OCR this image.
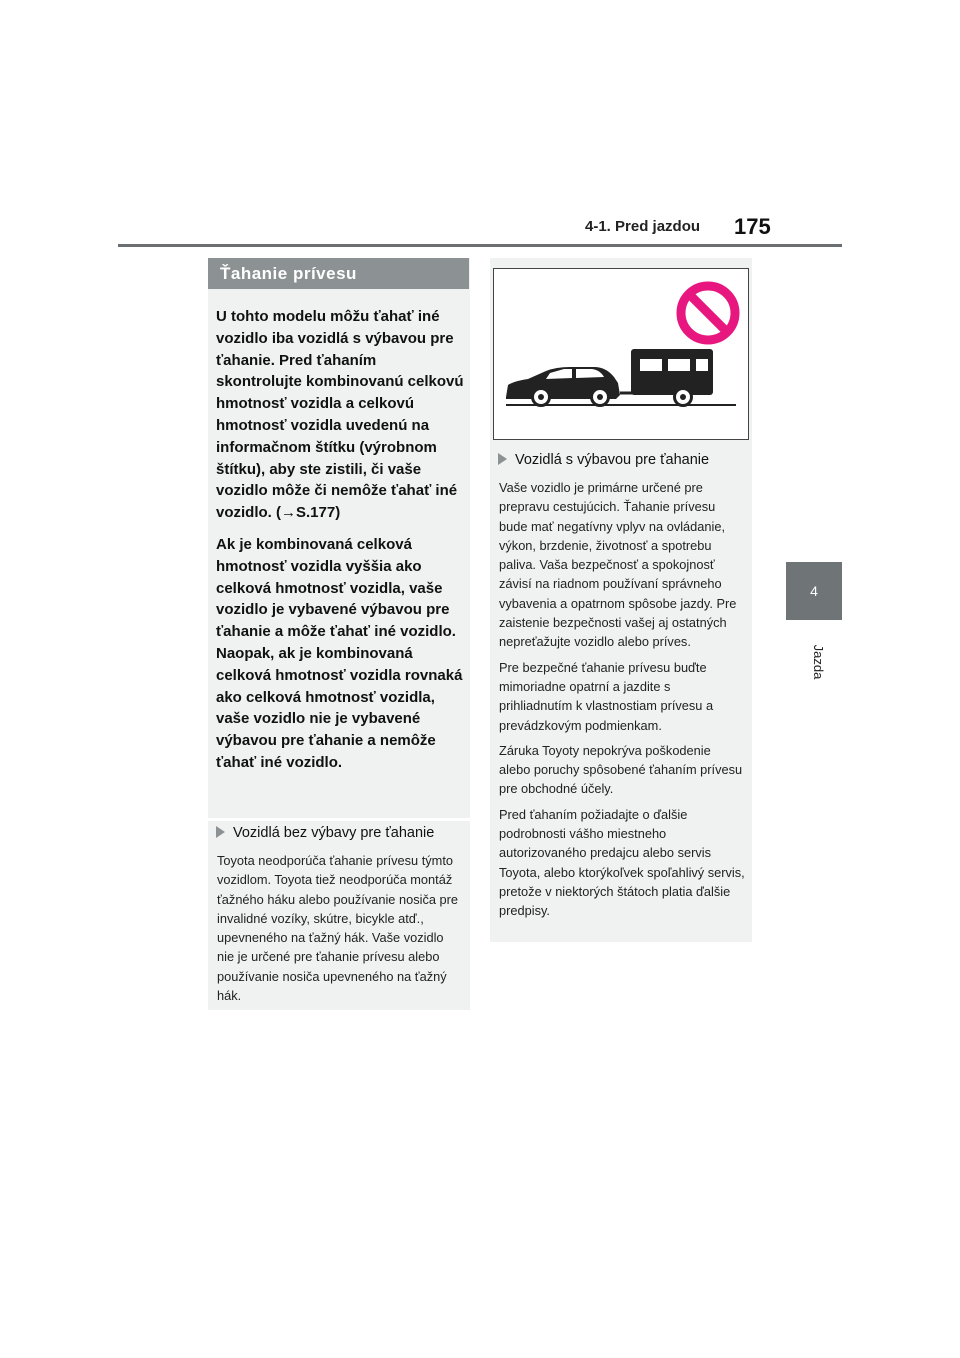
4-1. Pred jazdou 175
4
Jazda
Ťahanie prívesu

U tohto modelu môžu ťahať iné vozidlo iba vozidlá s výbavou pre ťahanie. Pred ťahaním skontrolujte kombinovanú celkovú hmotnosť vozidla a celkovú hmotnosť vozidla uvedenú na informačnom štítku (výrobnom štítku), aby ste zistili, či vaše vozidlo môže či nemôže ťahať iné vozidlo. (→S.177)

Ak je kombinovaná celková hmotnosť vozidla vyššia ako celková hmotnosť vozidla, vaše vozidlo je vybavené výbavou pre ťahanie a môže ťahať iné vozidlo. Naopak, ak je kombinovaná celková hmotnosť vozidla rovnaká ako celková hmotnosť vozidla, vaše vozidlo nie je vybavené výbavou pre ťahanie a nemôže ťahať iné vozidlo.

Vozidlá bez výbavy pre ťahanie

Toyota neodporúča ťahanie prívesu týmto vozidlom. Toyota tiež neodporúča montáž ťažného háku alebo používanie nosiča pre invalidné vozíky, skútre, bicykle atď., upevneného na ťažný hák. Vaše vozidlo nie je určené pre ťahanie prívesu alebo používanie nosiča upevneného na ťažný hák.

Vozidlá s výbavou pre ťahanie

Vaše vozidlo je primárne určené pre prepravu cestujúcich. Ťahanie prívesu bude mať negatívny vplyv na ovládanie, výkon, brzdenie, životnosť a spotrebu paliva. Vaša bezpečnosť a spokojnosť závisí na riadnom používaní správneho vybavenia a opatrnom spôsobe jazdy. Pre zaistenie bezpečnosti vašej aj ostatných nepreťažujte vozidlo alebo príves.

Pre bezpečné ťahanie prívesu buďte mimoriadne opatrní a jazdite s prihliadnutím k vlastnostiam prívesu a prevádzkovým podmienkam.

Záruka Toyoty nepokrýva poškodenie alebo poruchy spôsobené ťahaním prívesu pre obchodné účely.

Pred ťahaním požiadajte o ďalšie podrobnosti vášho miestneho autorizovaného predajcu alebo servis Toyota, alebo ktorýkoľvek spoľahlivý servis, pretože v niektorých štátoch platia ďalšie predpisy.
